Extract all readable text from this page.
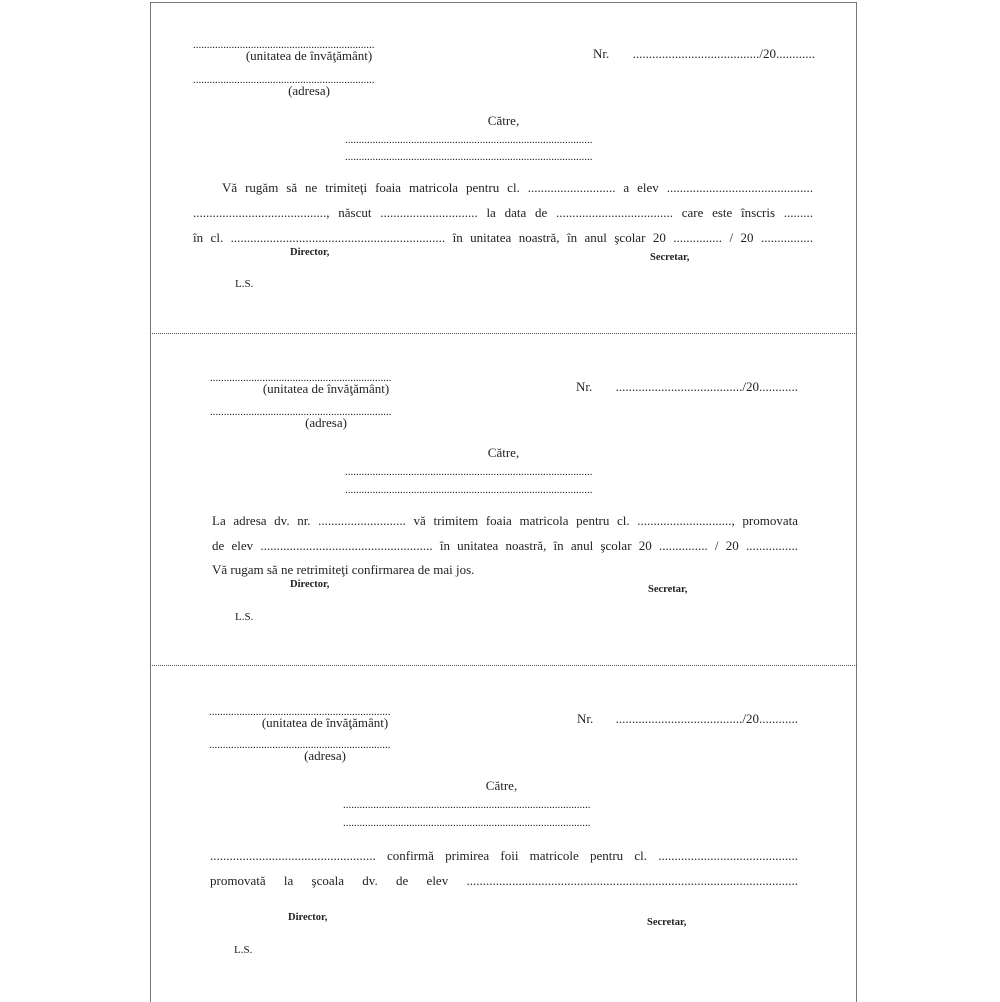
..................................................................
(unitatea de învăţământ)
..................................................................
(adresa)
Nr. ......................................./20............
Către,
..........................................................................................
..........................................................................................
Vă rugăm să ne trimiteţi foaia matricola pentru cl. ........................... a elev .............................................
........................................., născut .............................. la data de .................................... care este înscris .........
în cl. .................................................................. în unitatea noastră, în anul şcolar 20 ............... / 20 ................
Director,	Secretar,
L.S.
..................................................................
(unitatea de învăţământ)
..................................................................
(adresa)
Nr. ......................................./20............
Către,
..........................................................................................
..........................................................................................
La adresa dv. nr. ........................... vă trimitem foaia matricola pentru cl. ............................., promovata
de elev ..................................................... în unitatea noastră, în anul şcolar 20 ............... / 20 ................
Vă rugam să ne retrimiteţi confirmarea de mai jos.
Director,	Secretar,
L.S.
..................................................................
(unitatea de învăţământ)
..................................................................
(adresa)
Nr. ......................................./20............
Către,
..........................................................................................
..........................................................................................
................................................... confirmă primirea foii matricole pentru cl. ...........................................
promovată la şcoala dv. de elev ......................................................................................................
Director,	Secretar,
L.S.
